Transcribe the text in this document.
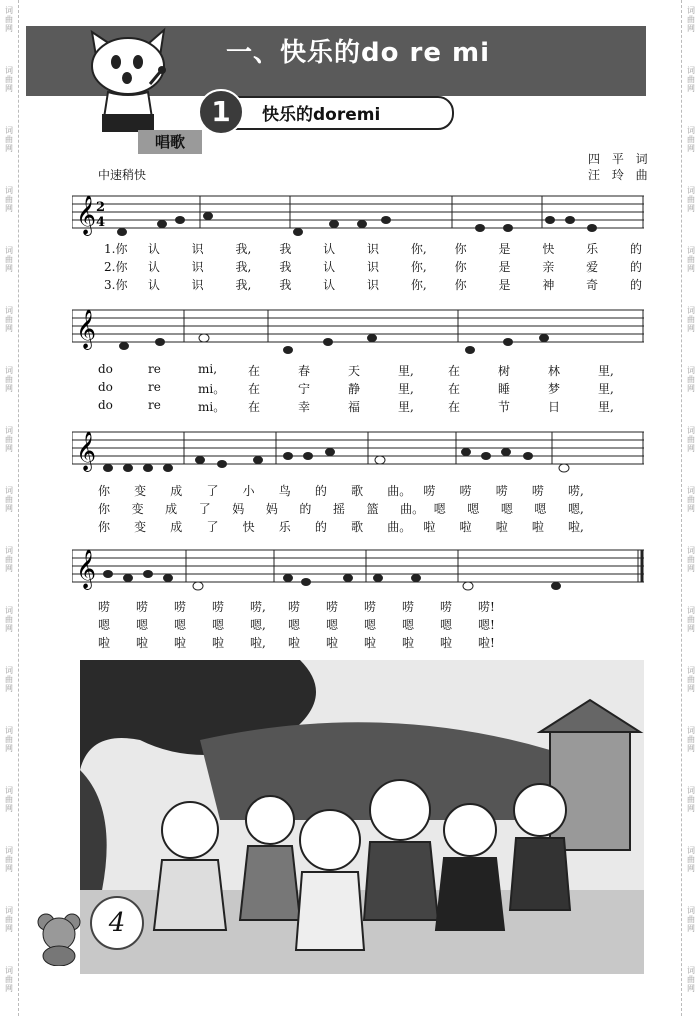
词
曲
网
词
曲
网
词
曲
网
词
曲
网
词
曲
网
词
曲
网
词
曲
网
词
曲
网
词
曲
网
词
曲
网
词
曲
网
词
曲
网
词
曲
网
词
曲
网
词
曲
网
词
曲
网
词
曲
网
词
曲
网
词
曲
网
词
曲
网
词
曲
网
词
曲
网
词
曲
网
词
曲
网
词
曲
网
词
曲
网
词
曲
网
词
曲
网
词
曲
网
词
曲
网
词
曲
网
词
曲
网
词
曲
网
词
曲
网
一、快乐的do re mi
1	快乐的doremi
唱歌
中速稍快
四 平 词
汪 玲 曲
𝄞 2
4
1.你 认	识	我, 我	认	识	你, 你	是	快	乐	的
2.你 认	识	我, 我	认	识	你, 你	是	亲	爱	的
3.你 认	识	我, 我	认	识	你, 你	是	神	奇	的
𝄞
do	re	mi,	在	春	天	里,	在	树	林	里,
do	re	mi。 在	宁	静	里,	在	睡	梦	里,
do	re	mi。 在	幸	福	里,	在	节	日	里,
𝄞
你 变 成 了 小 鸟 的 歌 曲。 唠 唠 唠 唠 唠,
你 变 成 了 妈 妈 的 摇 篮 曲。 嗯 嗯 嗯 嗯 嗯,
你 变 成 了 快 乐 的 歌 曲。 啦 啦 啦 啦 啦,
𝄞
唠 唠 唠 唠 唠, 唠 唠 唠 唠 唠 唠!
嗯 嗯 嗯 嗯 嗯, 嗯 嗯 嗯 嗯 嗯 嗯!
啦 啦 啦 啦 啦, 啦 啦 啦 啦 啦 啦!
4
